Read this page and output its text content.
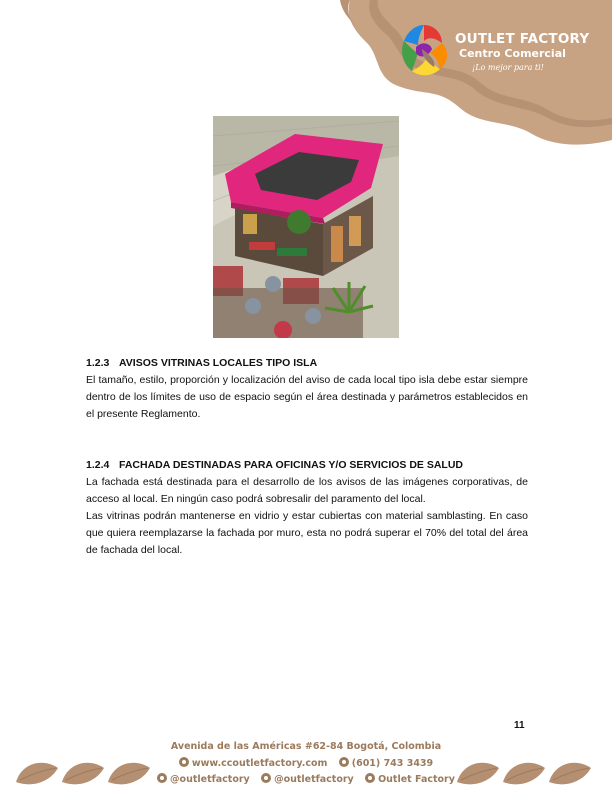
OUTLET FACTORY
Centro Comercial
¡Lo mejor para ti!
1.2.3 AVISOS VITRINAS LOCALES TIPO ISLA

El tamaño, estilo, proporción y localización del aviso de cada local tipo isla debe estar siempre dentro de los límites de uso de espacio según el área destinada y parámetros establecidos en el presente Reglamento.

1.2.4 FACHADA DESTINADAS PARA OFICINAS Y/O SERVICIOS DE SALUD

La fachada está destinada para el desarrollo de los avisos de las imágenes corporativas, de acceso al local. En ningún caso podrá sobresalir del paramento del local.

Las vitrinas podrán mantenerse en vidrio y estar cubiertas con material samblasting. En caso que quiera reemplazarse la fachada por muro, esta no podrá superar el 70% del total del área de fachada del local.

11
Avenida de las Américas #62-84 Bogotá, Colombia
www.ccoutletfactory.com	(601) 743 3439
@outletfactory	@outletfactory	Outlet Factory
